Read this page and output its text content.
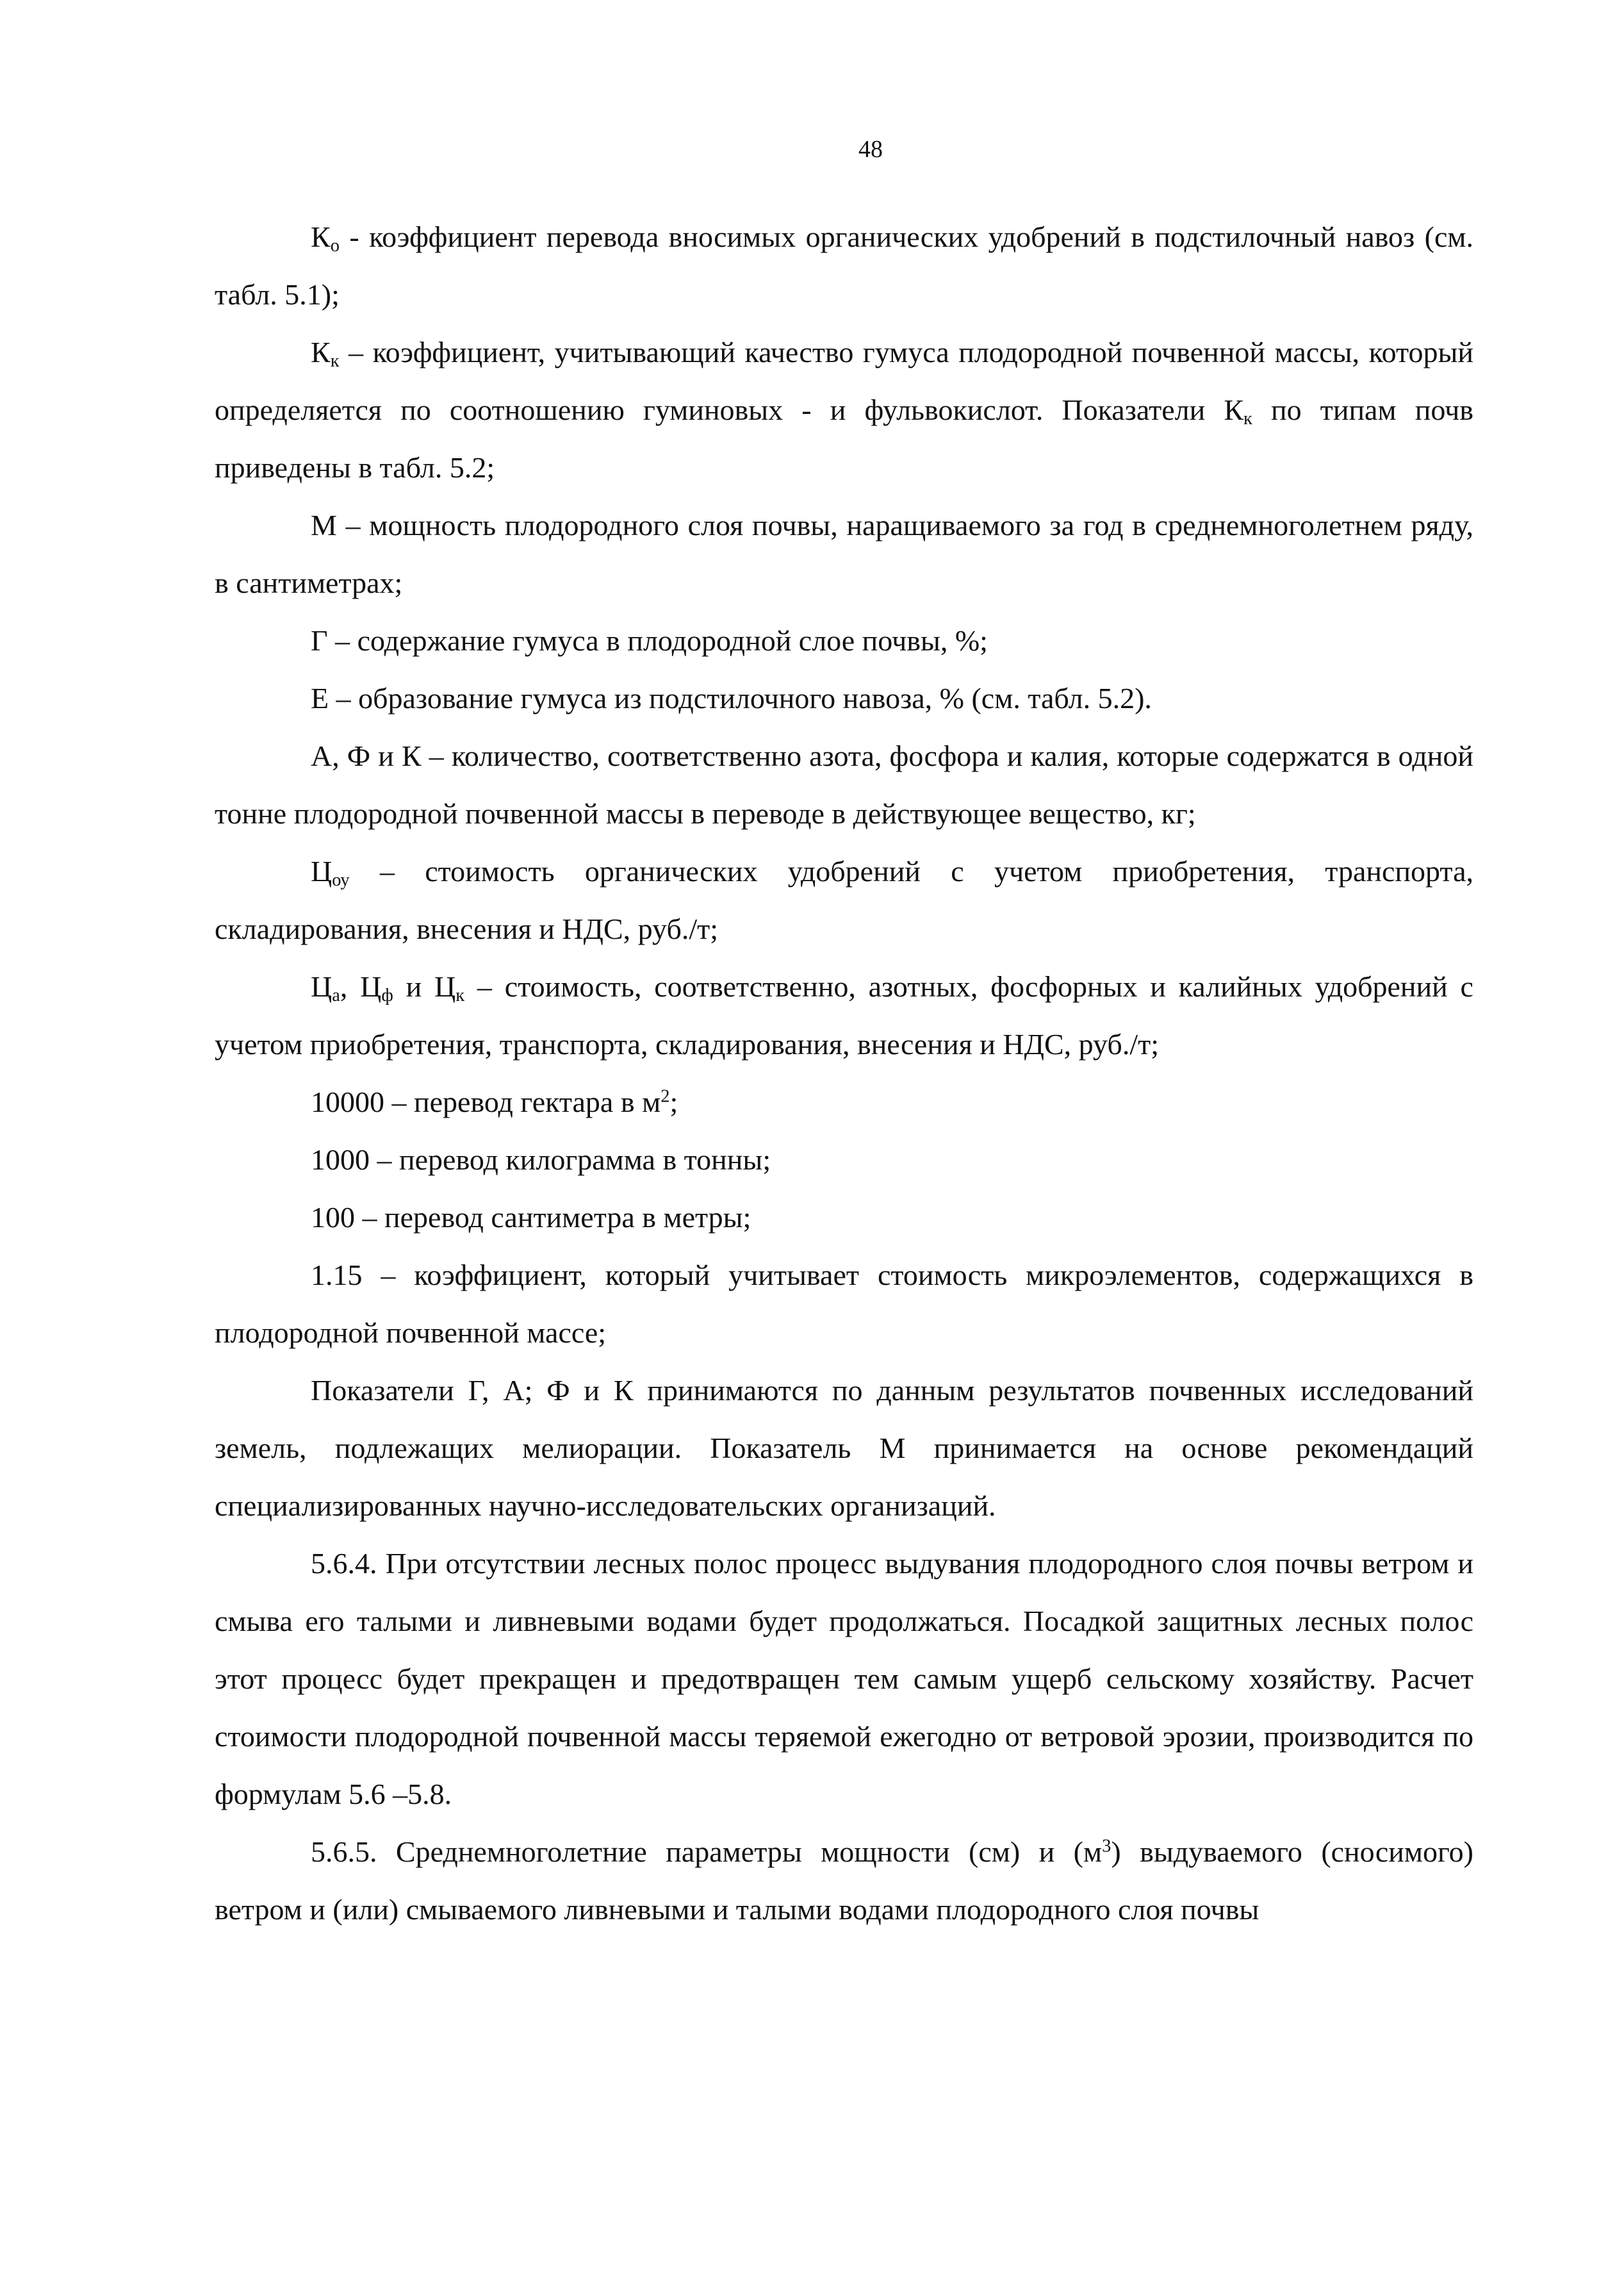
48

$К_о$ - коэффициент перевода вносимых органических удобрений в подстилочный навоз (см. табл. 5.1);

$К_к$ – коэффициент, учитывающий качество гумуса плодородной почвенной массы, который определяется по соотношению гуминовых - и фульвокислот. Показатели $К_к$ по типам почв приведены в табл. 5.2;

М – мощность плодородного слоя почвы, наращиваемого за год в среднемноголетнем ряду, в сантиметрах;

Г – содержание гумуса в плодородной слое почвы, %;

Е – образование гумуса из подстилочного навоза, % (см. табл. 5.2).

А, Ф и К – количество, соответственно азота, фосфора и калия, которые содержатся в одной тонне плодородной почвенной массы в переводе в действующее вещество, кг;

$Ц_{оу}$ – стоимость органических удобрений с учетом приобретения, транспорта, складирования, внесения и НДС, руб./т;

$Ц_а$, $Ц_ф$ и $Ц_к$ – стоимость, соответственно, азотных, фосфорных и калийных удобрений с учетом приобретения, транспорта, складирования, внесения и НДС, руб./т;

10000 – перевод гектара в $м^2$;

1000 – перевод килограмма в тонны;

100 – перевод сантиметра в метры;

1.15 – коэффициент, который учитывает стоимость микроэлементов, содержащихся в плодородной почвенной массе;

Показатели Г, А; Ф и К принимаются по данным результатов почвенных исследований земель, подлежащих мелиорации. Показатель М принимается на основе рекомендаций специализированных научно-исследовательских организаций.

5.6.4. При отсутствии лесных полос процесс выдувания плодородного слоя почвы ветром и смыва его талыми и ливневыми водами будет продолжаться. Посадкой защитных лесных полос этот процесс будет прекращен и предотвращен тем самым ущерб сельскому хозяйству. Расчет стоимости плодородной почвенной массы теряемой ежегодно от ветровой эрозии, производится по формулам 5.6 –5.8.

5.6.5. Среднемноголетние параметры мощности (см) и $(м^3)$ выдуваемого (сносимого) ветром и (или) смываемого ливневыми и талыми водами плодородного слоя почвы
